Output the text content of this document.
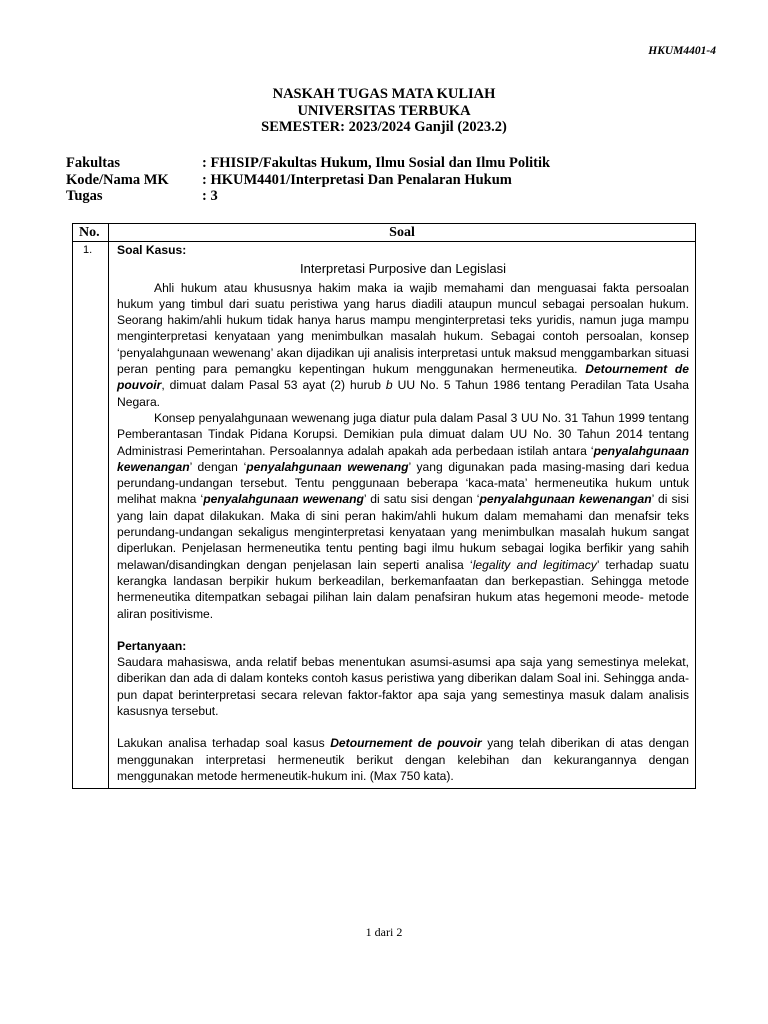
HKUM4401-4
NASKAH TUGAS MATA KULIAH
UNIVERSITAS TERBUKA
SEMESTER: 2023/2024 Ganjil (2023.2)
Fakultas	: FHISIP/Fakultas Hukum, Ilmu Sosial dan Ilmu Politik
Kode/Nama MK	: HKUM4401/Interpretasi Dan Penalaran Hukum
Tugas	: 3
No.	Soal
1.	Soal Kasus:
Interpretasi Purposive dan Legislasi

Ahli hukum atau khususnya hakim maka ia wajib memahami dan menguasai fakta persoalan hukum yang timbul dari suatu peristiwa yang harus diadili ataupun muncul sebagai persoalan hukum. Seorang hakim/ahli hukum tidak hanya harus mampu menginterpretasi teks yuridis, namun juga mampu menginterpretasi kenyataan yang menimbulkan masalah hukum. Sebagai contoh persoalan, konsep ‘penyalahgunaan wewenang’ akan dijadikan uji analisis interpretasi untuk maksud menggambarkan situasi peran penting para pemangku kepentingan hukum menggunakan hermeneutika. Detournement de pouvoir, dimuat dalam Pasal 53 ayat (2) hurub b UU No. 5 Tahun 1986 tentang Peradilan Tata Usaha Negara.

Konsep penyalahgunaan wewenang juga diatur pula dalam Pasal 3 UU No. 31 Tahun 1999 tentang Pemberantasan Tindak Pidana Korupsi. Demikian pula dimuat dalam UU No. 30 Tahun 2014 tentang Administrasi Pemerintahan. Persoalannya adalah apakah ada perbedaan istilah antara ‘penyalahgunaan kewenangan’ dengan ‘penyalahgunaan wewenang’ yang digunakan pada masing-masing dari kedua perundang-undangan tersebut. Tentu penggunaan beberapa ‘kaca-mata’ hermeneutika hukum untuk melihat makna ‘penyalahgunaan wewenang’ di satu sisi dengan ‘penyalahgunaan kewenangan’ di sisi yang lain dapat dilakukan. Maka di sini peran hakim/ahli hukum dalam memahami dan menafsir teks perundang-undangan sekaligus menginterpretasi kenyataan yang menimbulkan masalah hukum sangat diperlukan. Penjelasan hermeneutika tentu penting bagi ilmu hukum sebagai logika berfikir yang sahih melawan/disandingkan dengan penjelasan lain seperti analisa ‘legality and legitimacy’ terhadap suatu kerangka landasan berpikir hukum berkeadilan, berkemanfaatan dan berkepastian. Sehingga metode hermeneutika ditempatkan sebagai pilihan lain dalam penafsiran hukum atas hegemoni meode- metode aliran positivisme.

Pertanyaan:

Saudara mahasiswa, anda relatif bebas menentukan asumsi-asumsi apa saja yang semestinya melekat, diberikan dan ada di dalam konteks contoh kasus peristiwa yang diberikan dalam Soal ini. Sehingga anda-pun dapat berinterpretasi secara relevan faktor-faktor apa saja yang semestinya masuk dalam analisis kasusnya tersebut.

Lakukan analisa terhadap soal kasus Detournement de pouvoir yang telah diberikan di atas dengan menggunakan interpretasi hermeneutik berikut dengan kelebihan dan kekurangannya dengan menggunakan metode hermeneutik-hukum ini. (Max 750 kata).

1 dari 2
